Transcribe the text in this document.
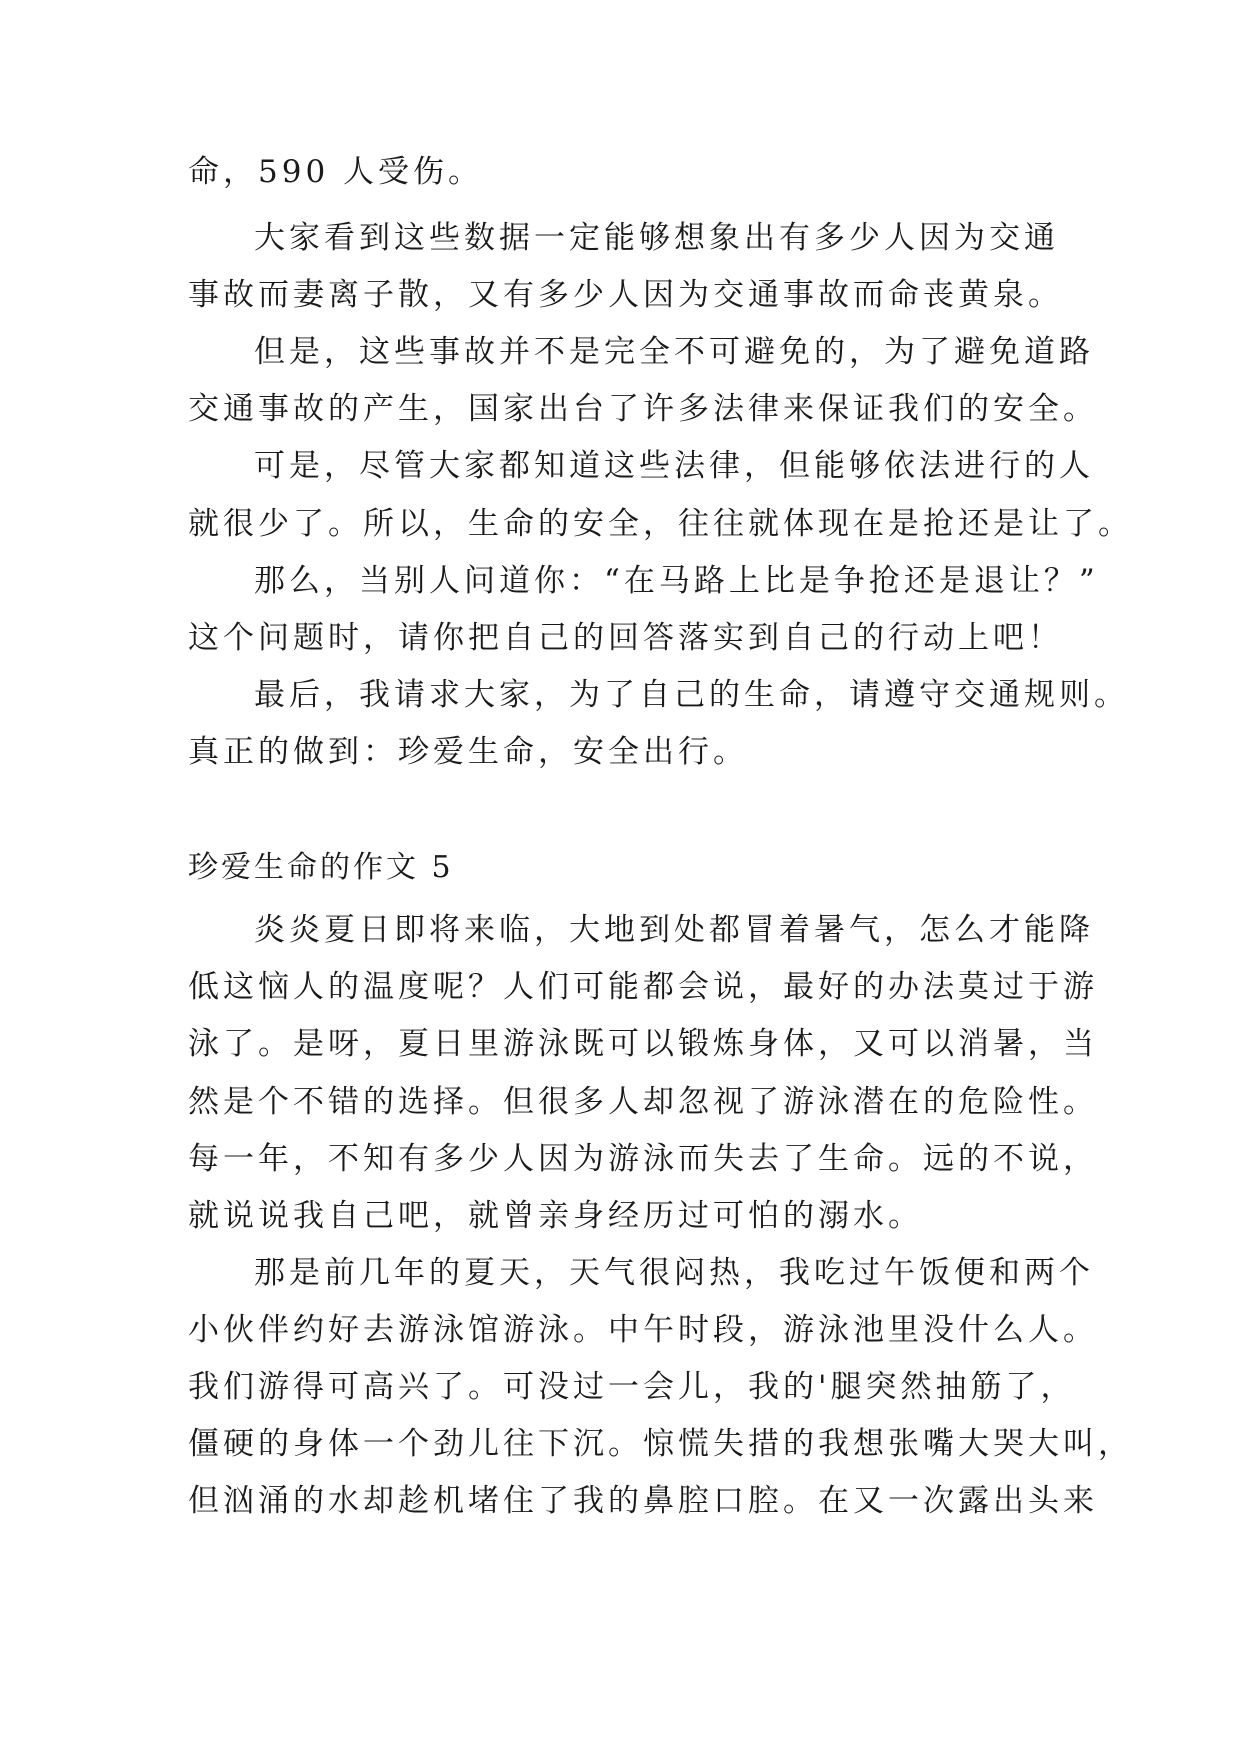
命，590 人受伤。
大家看到这些数据一定能够想象出有多少人因为交通
事故而妻离子散，又有多少人因为交通事故而命丧黄泉。
但是，这些事故并不是完全不可避免的，为了避免道路
交通事故的产生，国家出台了许多法律来保证我们的安全。
可是，尽管大家都知道这些法律，但能够依法进行的人
就很少了。所以，生命的安全，往往就体现在是抢还是让了。
那么，当别人问道你：“在马路上比是争抢还是退让？”
这个问题时，请你把自己的回答落实到自己的行动上吧！
最后，我请求大家，为了自己的生命，请遵守交通规则。
真正的做到：珍爱生命，安全出行。
珍爱生命的作文 5
炎炎夏日即将来临，大地到处都冒着暑气，怎么才能降
低这恼人的温度呢？人们可能都会说，最好的办法莫过于游
泳了。是呀，夏日里游泳既可以锻炼身体，又可以消暑，当
然是个不错的选择。但很多人却忽视了游泳潜在的危险性。
每一年，不知有多少人因为游泳而失去了生命。远的不说，
就说说我自己吧，就曾亲身经历过可怕的溺水。
那是前几年的夏天，天气很闷热，我吃过午饭便和两个
小伙伴约好去游泳馆游泳。中午时段，游泳池里没什么人。
我们游得可高兴了。可没过一会儿，我的'腿突然抽筋了，
僵硬的身体一个劲儿往下沉。惊慌失措的我想张嘴大哭大叫，
但汹涌的水却趁机堵住了我的鼻腔口腔。在又一次露出头来
